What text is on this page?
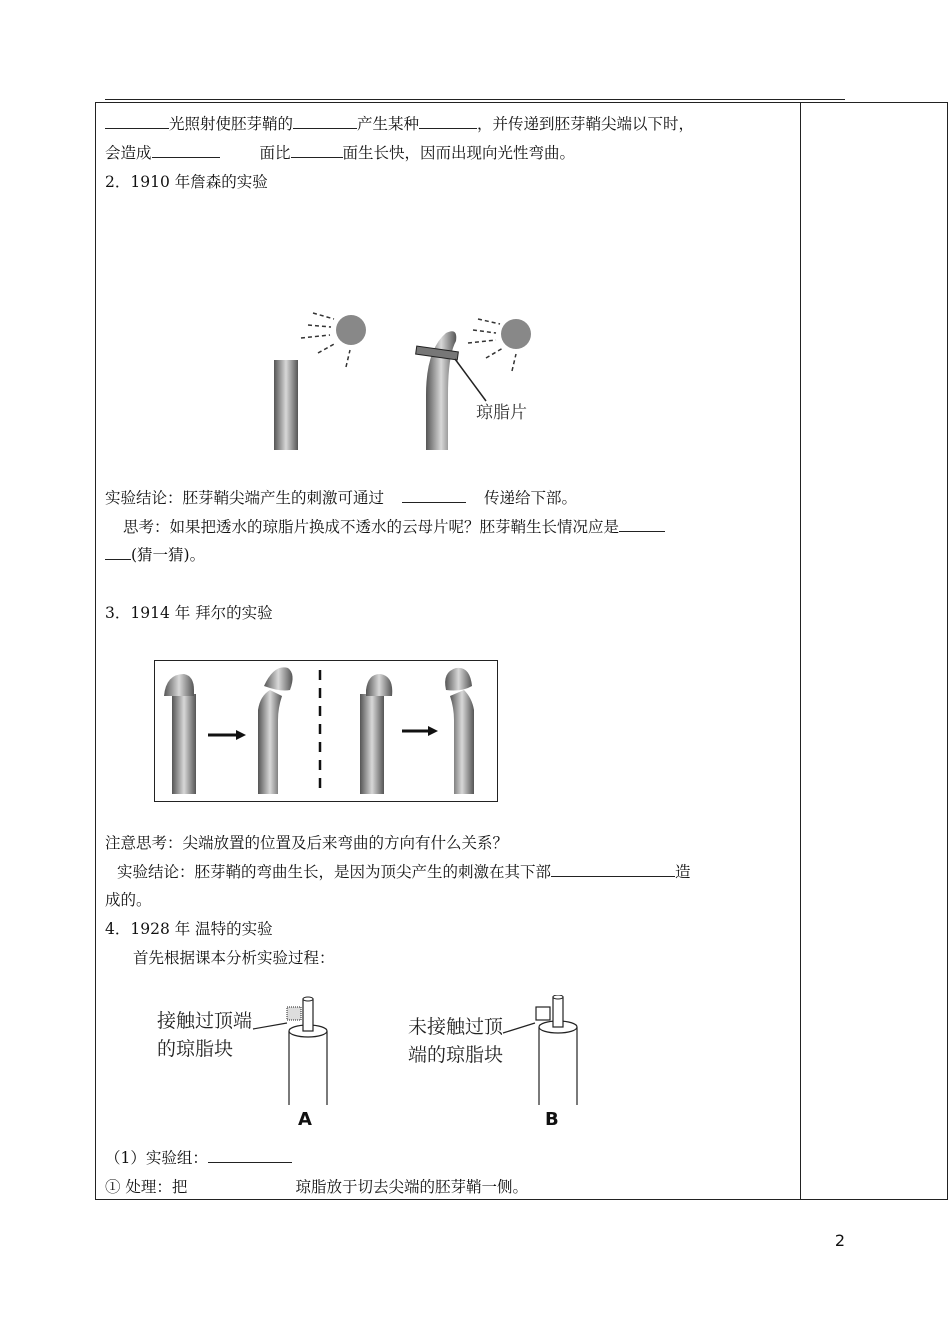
光照射使胚芽鞘的	产生某种	，并传递到胚芽鞘尖端以下时，
会造成	面比	面生长快，因而出现向光性弯曲。
2．1910 年詹森的实验
琼脂片
实验结论：胚芽鞘尖端产生的刺激可通过	传递给下部。
思考：如果把透水的琼脂片换成不透水的云母片呢？胚芽鞘生长情况应是
(猜一猜)。
3．1914 年 拜尔的实验
注意思考：尖端放置的位置及后来弯曲的方向有什么关系？
实验结论：胚芽鞘的弯曲生长，是因为顶尖产生的刺激在其下部	造
成的。
4．1928 年 温特的实验
首先根据课本分析实验过程：
接触过顶端
的琼脂块
A
未接触过顶
端的琼脂块
B
（1）实验组：
① 处理：把	琼脂放于切去尖端的胚芽鞘一侧。
2
